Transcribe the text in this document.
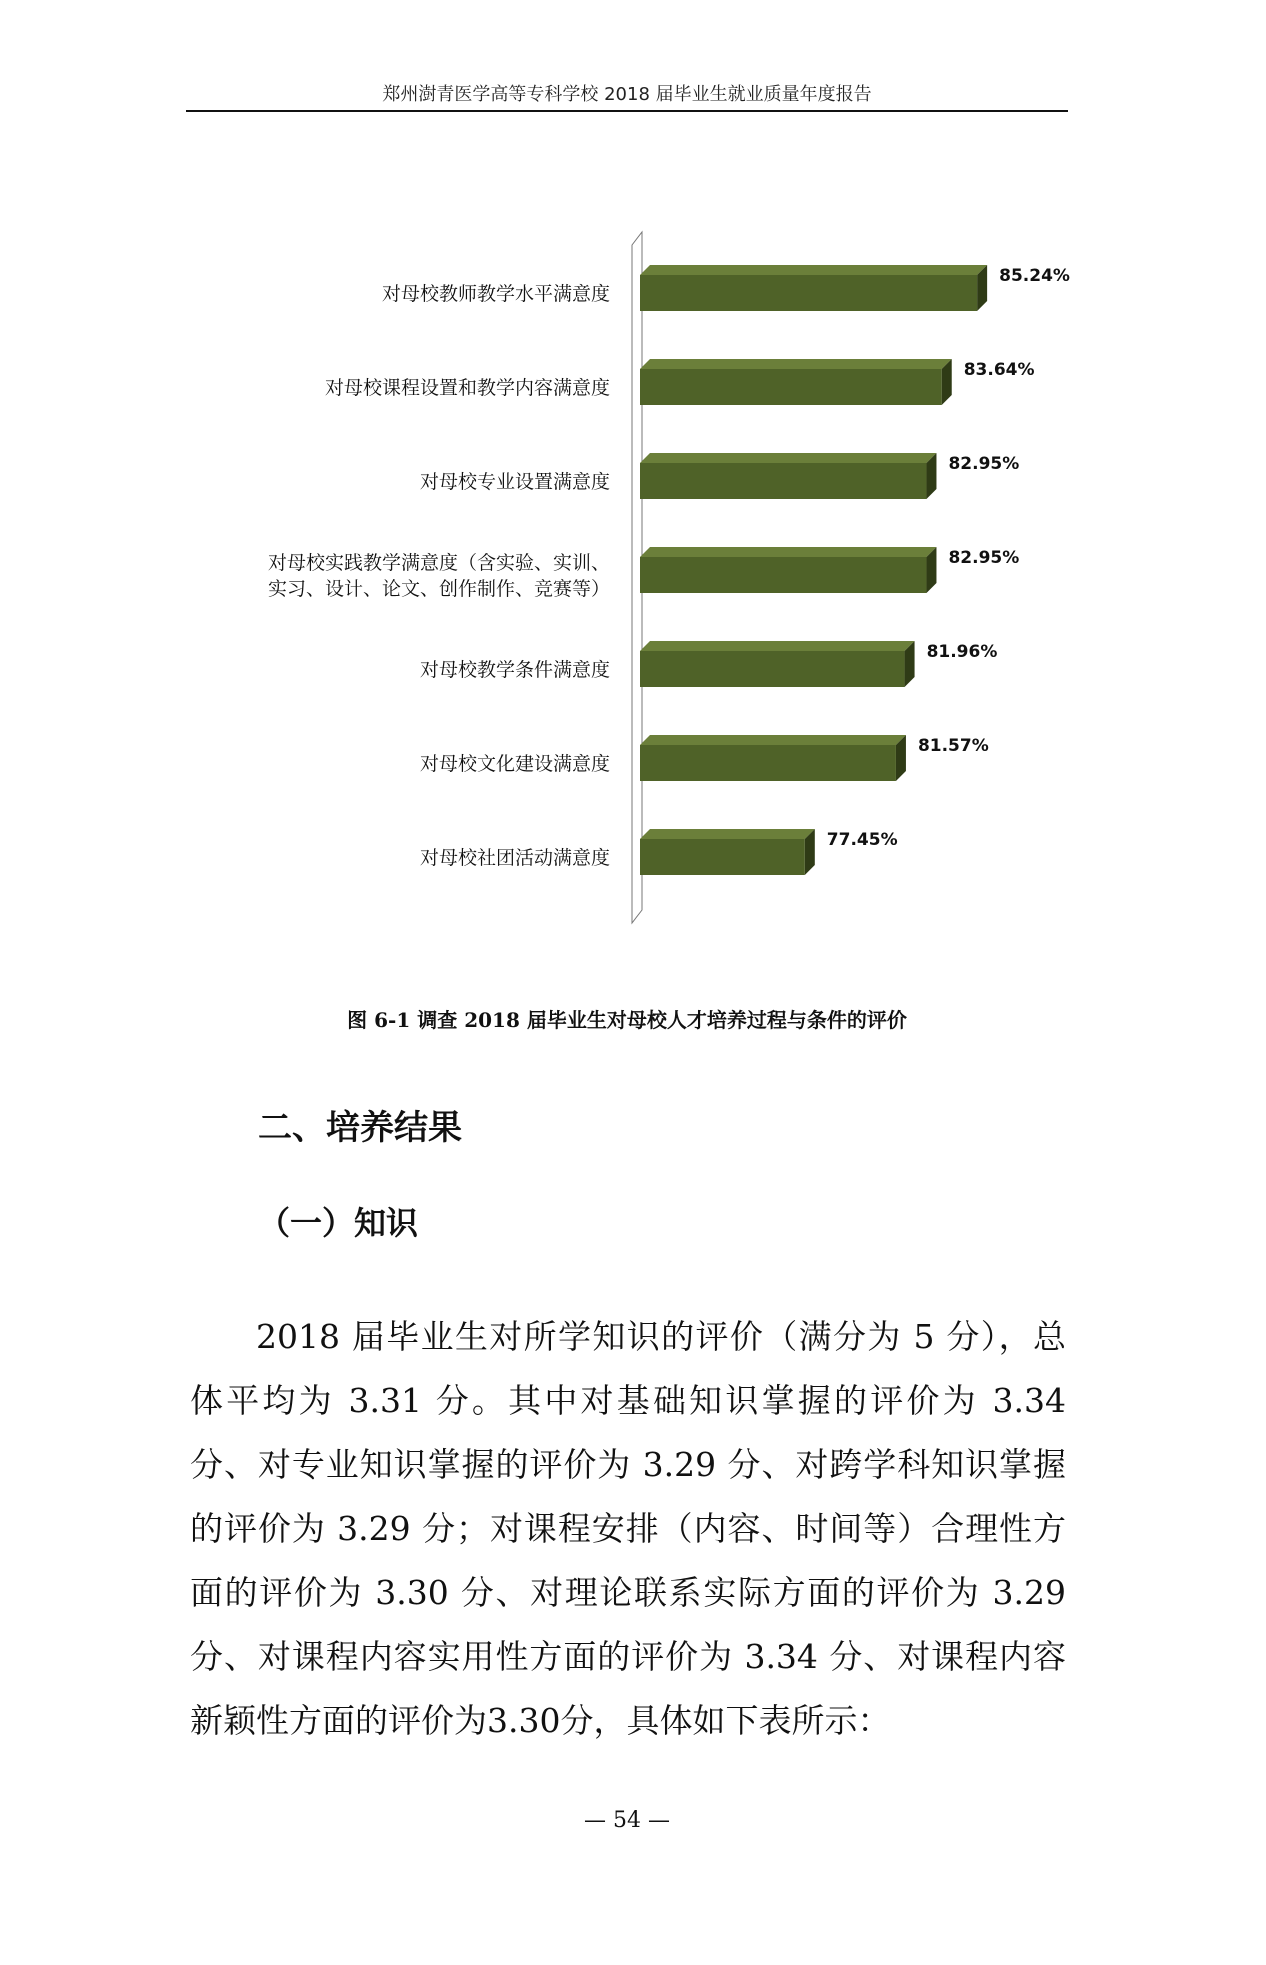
郑州澍青医学高等专科学校 2018 届毕业生就业质量年度报告
85.24%
对母校教师教学水平满意度
83.64%
对母校课程设置和教学内容满意度
82.95%
对母校专业设置满意度
82.95%
对母校实践教学满意度（含实验、实训、
实习、设计、论文、创作制作、竞赛等）
81.96%
对母校教学条件满意度
81.57%
对母校文化建设满意度
77.45%
对母校社团活动满意度
图 6-1 调查 2018 届毕业生对母校人才培养过程与条件的评价
二、培养结果
（一）知识
2018 届毕业生对所学知识的评价（满分为 5 分），总体平均为 3.31 分。其中对基础知识掌握的评价为 3.34 分、对专业知识掌握的评价为 3.29 分、对跨学科知识掌握的评价为 3.29 分；对课程安排（内容、时间等）合理性方面的评价为 3.30 分、对理论联系实际方面的评价为 3.29 分、对课程内容实用性方面的评价为 3.34 分、对课程内容新颖性方面的评价为3.30分，具体如下表所示：
— 54 —
